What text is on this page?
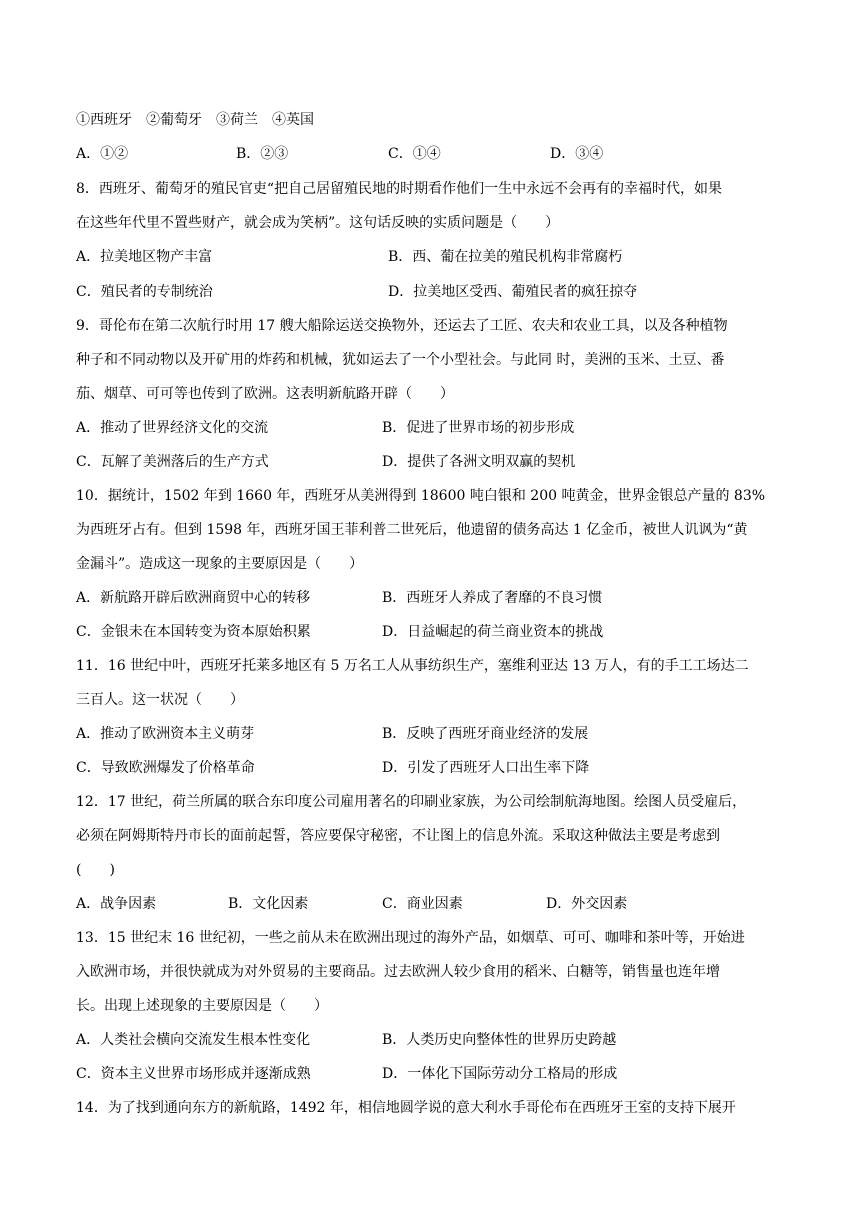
①西班牙　②葡萄牙　③荷兰　④英国
A．①②	B．②③	C．①④	D．③④
8．西班牙、葡萄牙的殖民官吏“把自己居留殖民地的时期看作他们一生中永远不会再有的幸福时代，如果
在这些年代里不置些财产，就会成为笑柄”。这句话反映的实质问题是（　　）
A．拉美地区物产丰富	B．西、葡在拉美的殖民机构非常腐朽
C．殖民者的专制统治	D．拉美地区受西、葡殖民者的疯狂掠夺
9．哥伦布在第二次航行时用 17 艘大船除运送交换物外，还运去了工匠、农夫和农业工具，以及各种植物
种子和不同动物以及开矿用的炸药和机械，犹如运去了一个小型社会。与此同 时，美洲的玉米、土豆、番
茄、烟草、可可等也传到了欧洲。这表明新航路开辟（　　）
A．推动了世界经济文化的交流	B．促进了世界市场的初步形成
C．瓦解了美洲落后的生产方式	D．提供了各洲文明双赢的契机
10．据统计，1502 年到 1660 年，西班牙从美洲得到 18600 吨白银和 200 吨黄金，世界金银总产量的 83%
为西班牙占有。但到 1598 年，西班牙国王菲利普二世死后，他遗留的债务高达 1 亿金币，被世人讥讽为“黄
金漏斗”。造成这一现象的主要原因是（　　）
A．新航路开辟后欧洲商贸中心的转移	B．西班牙人养成了奢靡的不良习惯
C．金银未在本国转变为资本原始积累	D．日益崛起的荷兰商业资本的挑战
11．16 世纪中叶，西班牙托莱多地区有 5 万名工人从事纺织生产，塞维利亚达 13 万人，有的手工工场达二
三百人。这一状况（　　）
A．推动了欧洲资本主义萌芽	B．反映了西班牙商业经济的发展
C．导致欧洲爆发了价格革命	D．引发了西班牙人口出生率下降
12．17 世纪，荷兰所属的联合东印度公司雇用著名的印刷业家族，为公司绘制航海地图。绘图人员受雇后，
必须在阿姆斯特丹市长的面前起誓，答应要保守秘密，不让图上的信息外流。采取这种做法主要是考虑到
(　　)
A．战争因素	B．文化因素	C．商业因素	D．外交因素
13．15 世纪末 16 世纪初，一些之前从未在欧洲出现过的海外产品，如烟草、可可、咖啡和茶叶等，开始进
入欧洲市场，并很快就成为对外贸易的主要商品。过去欧洲人较少食用的稻米、白糖等，销售量也连年增
长。出现上述现象的主要原因是（　　）
A．人类社会横向交流发生根本性变化	B．人类历史向整体性的世界历史跨越
C．资本主义世界市场形成并逐渐成熟	D．一体化下国际劳动分工格局的形成
14．为了找到通向东方的新航路，1492 年，相信地圆学说的意大利水手哥伦布在西班牙王室的支持下展开
